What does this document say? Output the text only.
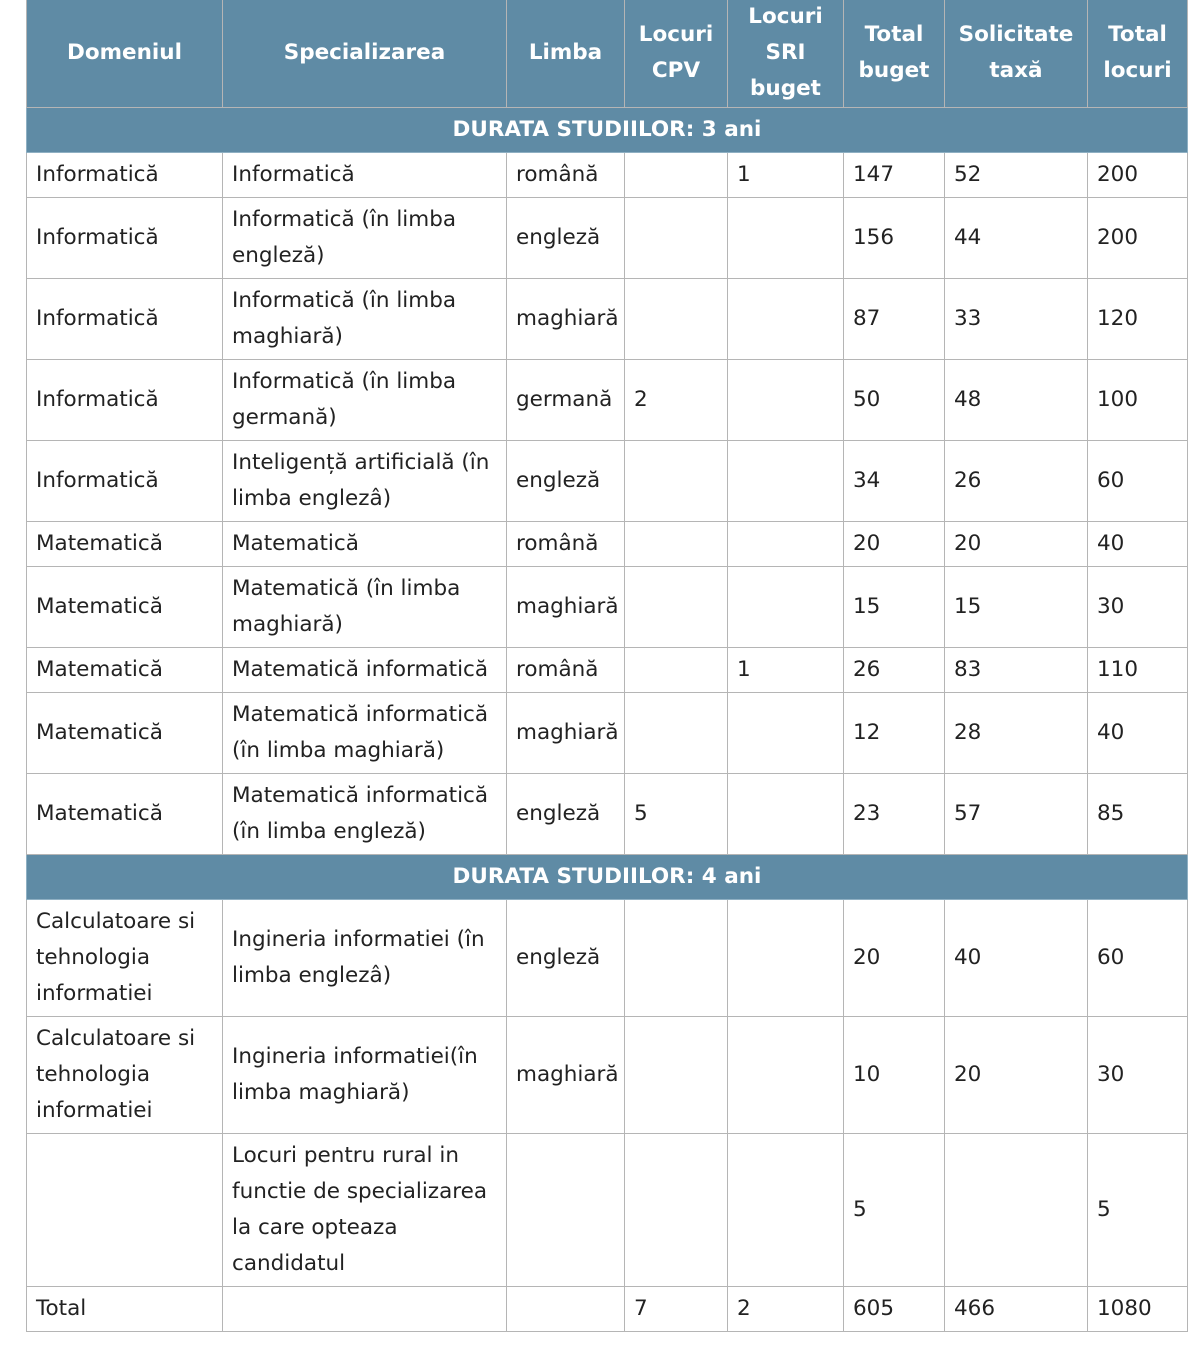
Domeniul	Specializarea	Limba	Locuri CPV	Locuri SRI buget	Total buget	Solicitate taxă	Total locuri
DURATA STUDIILOR: 3 ani							
Informatică	Informatică	română		1	147	52	200
Informatică	Informatică (în limba engleză)	engleză			156	44	200
Informatică	Informatică (în limba maghiară)	maghiară			87	33	120
Informatică	Informatică (în limba germană)	germană	2		50	48	100
Informatică	Inteligență artificială (în limba englezâ)	engleză			34	26	60
Matematică	Matematică	română			20	20	40
Matematică	Matematică (în limba maghiară)	maghiară			15	15	30
Matematică	Matematică informatică	română		1	26	83	110
Matematică	Matematică informatică (în limba maghiară)	maghiară			12	28	40
Matematică	Matematică informatică (în limba engleză)	engleză	5		23	57	85
DURATA STUDIILOR: 4 ani							
Calculatoare si tehnologia informatiei	Ingineria informatiei (în limba englezâ)	engleză			20	40	60
Calculatoare si tehnologia informatiei	Ingineria informatiei(în limba maghiară)	maghiară			10	20	30
	Locuri pentru rural in functie de specializarea la care opteaza candidatul				5		5
Total			7	2	605	466	1080
